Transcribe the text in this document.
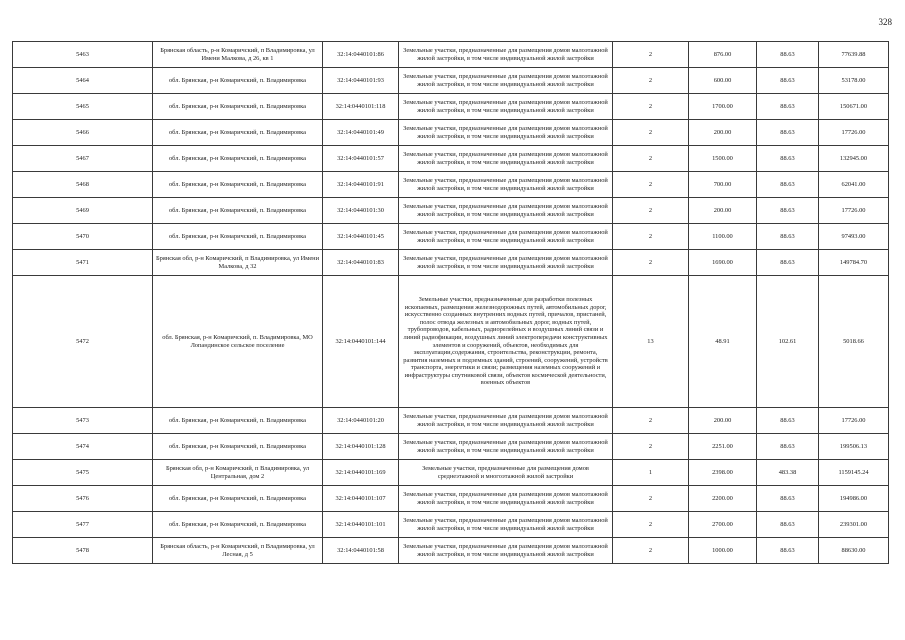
328
5463	Брянская область, р-н Комаричский, п Владимировка, ул Имени Малкова, д 26, кв 1	32:14:0440101:86	Земельные участки, предназначенные для размещения домов малоэтажной жилой застройки, в том числе индивидуальной жилой застройки	2	876.00	88.63	77639.88
5464	обл. Брянская, р-н Комаричский, п. Владимировка	32:14:0440101:93	Земельные участки, предназначенные для размещения домов малоэтажной жилой застройки, в том числе индивидуальной жилой застройки	2	600.00	88.63	53178.00
5465	обл. Брянская, р-н Комаричский, п. Владимировка	32:14:0440101:118	Земельные участки, предназначенные для размещения домов малоэтажной жилой застройки, в том числе индивидуальной жилой застройки	2	1700.00	88.63	150671.00
5466	обл. Брянская, р-н Комаричский, п. Владимировка	32:14:0440101:49	Земельные участки, предназначенные для размещения домов малоэтажной жилой застройки, в том числе индивидуальной жилой застройки	2	200.00	88.63	17726.00
5467	обл. Брянская, р-н Комаричский, п. Владимировка	32:14:0440101:57	Земельные участки, предназначенные для размещения домов малоэтажной жилой застройки, в том числе индивидуальной жилой застройки	2	1500.00	88.63	132945.00
5468	обл. Брянская, р-н Комаричский, п. Владимировка	32:14:0440101:91	Земельные участки, предназначенные для размещения домов малоэтажной жилой застройки, в том числе индивидуальной жилой застройки	2	700.00	88.63	62041.00
5469	обл. Брянская, р-н Комаричский, п. Владимировка	32:14:0440101:30	Земельные участки, предназначенные для размещения домов малоэтажной жилой застройки, в том числе индивидуальной жилой застройки	2	200.00	88.63	17726.00
5470	обл. Брянская, р-н Комаричский, п. Владимировка	32:14:0440101:45	Земельные участки, предназначенные для размещения домов малоэтажной жилой застройки, в том числе индивидуальной жилой застройки	2	1100.00	88.63	97493.00
5471	Брянская обл, р-н Комаричский, п Владимировка, ул Имени Малкова, д 32	32:14:0440101:83	Земельные участки, предназначенные для размещения домов малоэтажной жилой застройки, в том числе индивидуальной жилой застройки	2	1690.00	88.63	149784.70
5472	обл. Брянская, р-н Комаричский, п. Владимировка, МО Лопандинское сельское поселение	32:14:0440101:144	Земельные участки, предназначенные для разработки полезных ископаемых, размещения железнодорожных путей, автомобильных дорог, искусственно созданных внутренних водных путей, причалов, пристаней, полос отвода железных и автомобильных дорог, водных путей, трубопроводов, кабельных, радиорелейных и воздушных линий связи и линий радиофикации, воздушных линий электропередачи конструктивных элементов и сооружений, объектов, необходимых для эксплуатации,содержания, строительства, реконструкции, ремонта, развития наземных и подземных зданий, строений, сооружений, устройств транспорта, энергетики и связи; размещения наземных сооружений и инфраструктуры спутниковой связи, объектов космической деятельности, военных объектов	13	48.91	102.61	5018.66
5473	обл. Брянская, р-н Комаричский, п. Владимировка	32:14:0440101:20	Земельные участки, предназначенные для размещения домов малоэтажной жилой застройки, в том числе индивидуальной жилой застройки	2	200.00	88.63	17726.00
5474	обл. Брянская, р-н Комаричский, п. Владимировка	32:14:0440101:128	Земельные участки, предназначенные для размещения домов малоэтажной жилой застройки, в том числе индивидуальной жилой застройки	2	2251.00	88.63	199506.13
5475	Брянская обл, р-н Комаричский, п Владимировка, ул Центральная, дом 2	32:14:0440101:169	Земельные участки, предназначенные для размещения домов среднеэтажной и многоэтажной жилой застройки	1	2398.00	483.38	1159145.24
5476	обл. Брянская, р-н Комаричский, п. Владимировка	32:14:0440101:107	Земельные участки, предназначенные для размещения домов малоэтажной жилой застройки, в том числе индивидуальной жилой застройки	2	2200.00	88.63	194986.00
5477	обл. Брянская, р-н Комаричский, п. Владимировка	32:14:0440101:101	Земельные участки, предназначенные для размещения домов малоэтажной жилой застройки, в том числе индивидуальной жилой застройки	2	2700.00	88.63	239301.00
5478	Брянская область, р-н Комаричский, п Владимировка, ул Лесная, д 5	32:14:0440101:58	Земельные участки, предназначенные для размещения домов малоэтажной жилой застройки, в том числе индивидуальной жилой застройки	2	1000.00	88.63	88630.00
